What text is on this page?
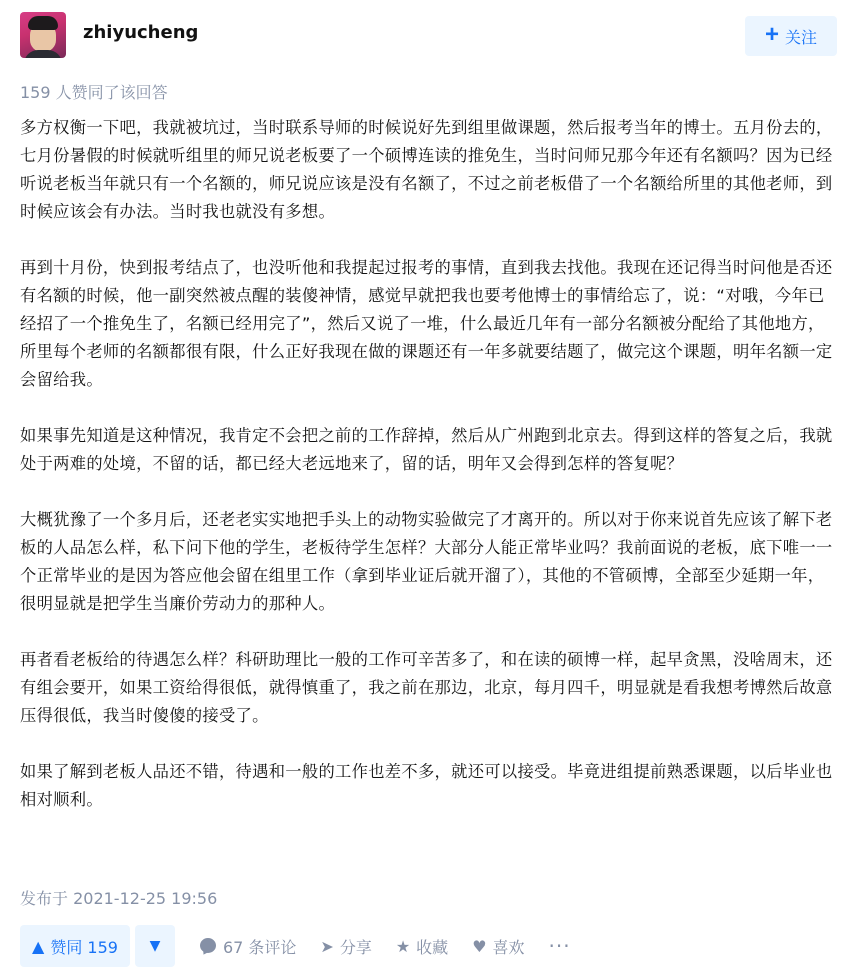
zhiyucheng	+ 关注
159 人赞同了该回答

多方权衡一下吧，我就被坑过，当时联系导师的时候说好先到组里做课题，然后报考当年的博士。五月份去的，七月份暑假的时候就听组里的师兄说老板要了一个硕博连读的推免生，当时问师兄那今年还有名额吗？因为已经听说老板当年就只有一个名额的，师兄说应该是没有名额了，不过之前老板借了一个名额给所里的其他老师，到时候应该会有办法。当时我也就没有多想。

再到十月份，快到报考结点了，也没听他和我提起过报考的事情，直到我去找他。我现在还记得当时问他是否还有名额的时候，他一副突然被点醒的装傻神情，感觉早就把我也要考他博士的事情给忘了，说：“对哦，今年已经招了一个推免生了，名额已经用完了”，然后又说了一堆，什么最近几年有一部分名额被分配给了其他地方，所里每个老师的名额都很有限，什么正好我现在做的课题还有一年多就要结题了，做完这个课题，明年名额一定会留给我。

如果事先知道是这种情况，我肯定不会把之前的工作辞掉，然后从广州跑到北京去。得到这样的答复之后，我就处于两难的处境，不留的话，都已经大老远地来了，留的话，明年又会得到怎样的答复呢？

大概犹豫了一个多月后，还老老实实地把手头上的动物实验做完了才离开的。所以对于你来说首先应该了解下老板的人品怎么样，私下问下他的学生，老板待学生怎样？大部分人能正常毕业吗？我前面说的老板，底下唯一一个正常毕业的是因为答应他会留在组里工作（拿到毕业证后就开溜了），其他的不管硕博，全部至少延期一年，很明显就是把学生当廉价劳动力的那种人。

再者看老板给的待遇怎么样？科研助理比一般的工作可辛苦多了，和在读的硕博一样，起早贪黑，没啥周末，还有组会要开，如果工资给得很低，就得慎重了，我之前在那边，北京，每月四千，明显就是看我想考博然后故意压得很低，我当时傻傻的接受了。

如果了解到老板人品还不错，待遇和一般的工作也差不多，就还可以接受。毕竟进组提前熟悉课题，以后毕业也相对顺利。

发布于 2021-12-25 19:56
▲ 赞同 159 ▼	67 条评论 ➤ 分享 ★ 收藏 ♥ 喜欢 ···
